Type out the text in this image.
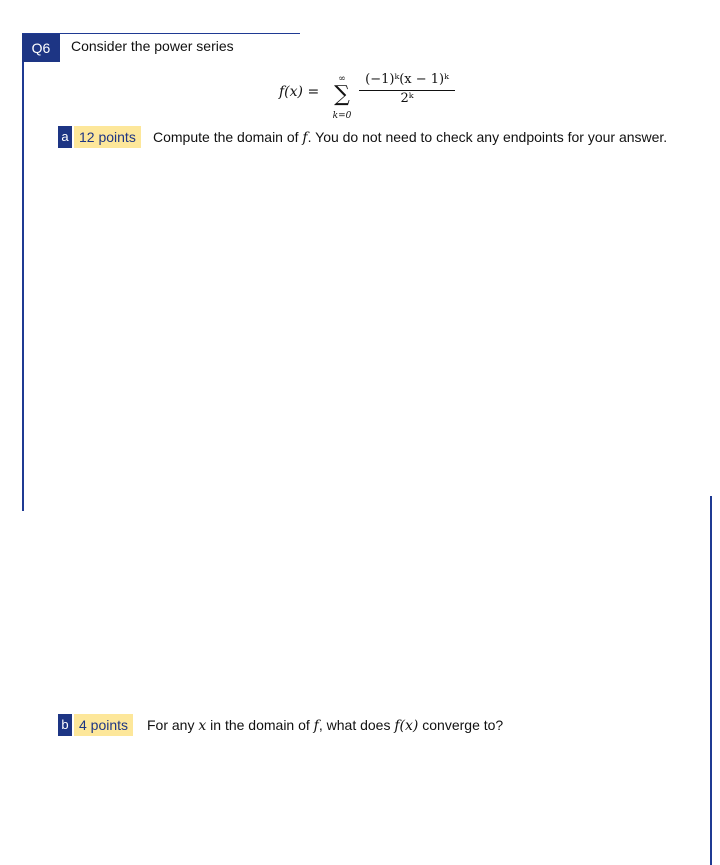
Q6	Consider the power series
f(x) =
∞
∑
k=0
$\frac{\text{(−1)ᵏ(x − 1)ᵏ}}{\text{2ᵏ}}$
a 12 points	Compute the domain of f. You do not need to check any endpoints for your answer.
b 4 points	For any x in the domain of f, what does f(x) converge to?
